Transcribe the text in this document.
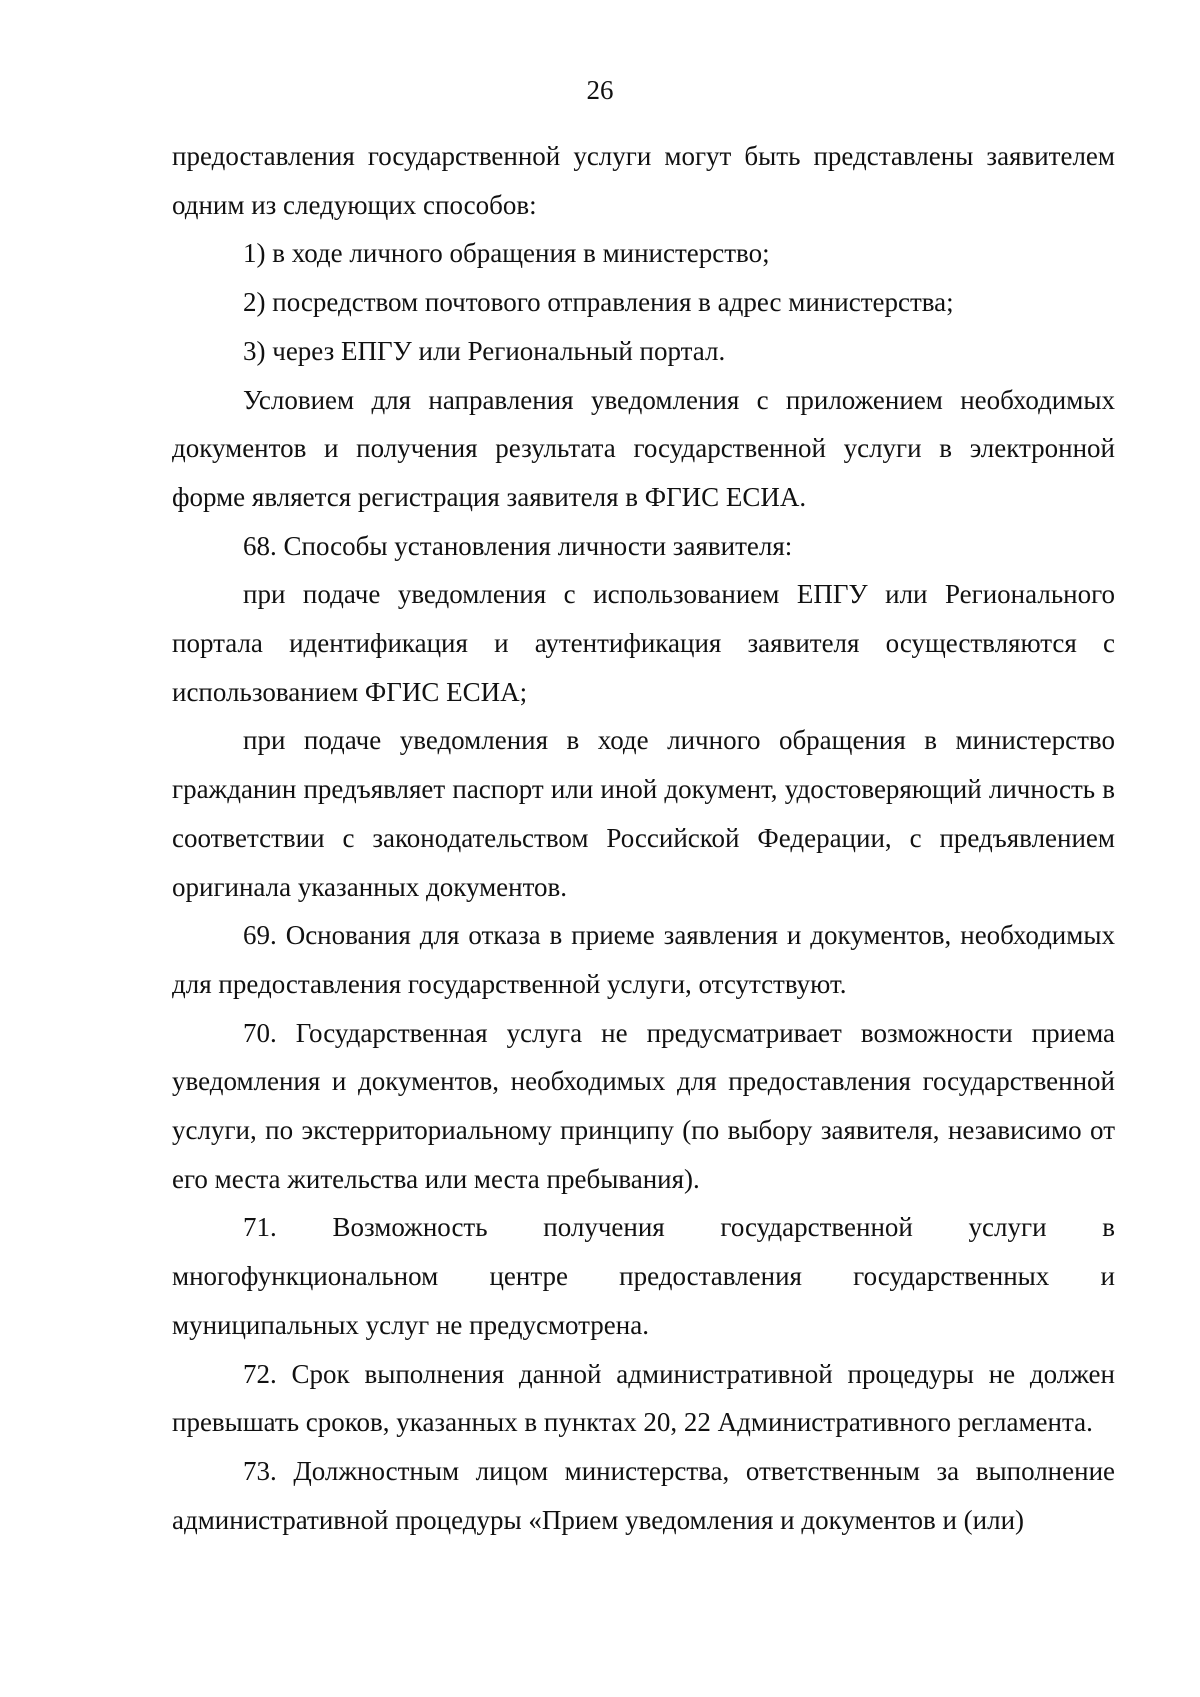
26

предоставления государственной услуги могут быть представлены заявителем одним из следующих способов:

1) в ходе личного обращения в министерство;

2) посредством почтового отправления в адрес министерства;

3) через ЕПГУ или Региональный портал.

Условием для направления уведомления с приложением необходимых документов и получения результата государственной услуги в электронной форме является регистрация заявителя в ФГИС ЕСИА.

68. Способы установления личности заявителя:

при подаче уведомления с использованием ЕПГУ или Регионального портала идентификация и аутентификация заявителя осуществляются с использованием ФГИС ЕСИА;

при подаче уведомления в ходе личного обращения в министерство гражданин предъявляет паспорт или иной документ, удостоверяющий личность в соответствии с законодательством Российской Федерации, с предъявлением оригинала указанных документов.

69. Основания для отказа в приеме заявления и документов, необходимых для предоставления государственной услуги, отсутствуют.

70. Государственная услуга не предусматривает возможности приема уведомления и документов, необходимых для предоставления государственной услуги, по экстерриториальному принципу (по выбору заявителя, независимо от его места жительства или места пребывания).

71. Возможность получения государственной услуги в многофункциональном центре предоставления государственных и муниципальных услуг не предусмотрена.

72. Срок выполнения данной административной процедуры не должен превышать сроков, указанных в пунктах 20, 22 Административного регламента.

73. Должностным лицом министерства, ответственным за выполнение административной процедуры «Прием уведомления и документов и (или)
